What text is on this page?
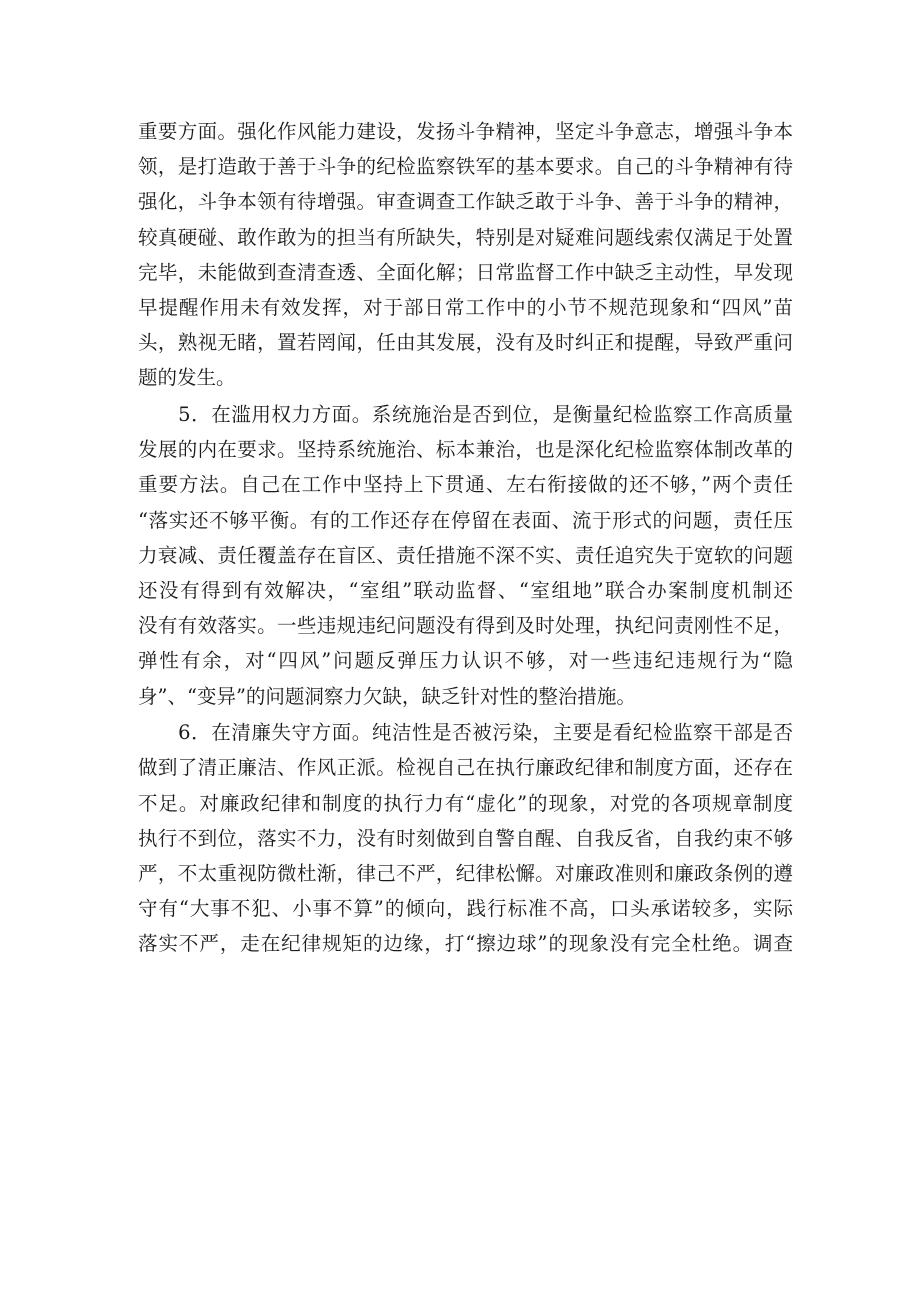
重要方面。强化作风能力建设，发扬斗争精神，坚定斗争意志，增强斗争本
领，是打造敢于善于斗争的纪检监察铁军的基本要求。自己的斗争精神有待
强化，斗争本领有待增强。审查调查工作缺乏敢于斗争、善于斗争的精神，
较真硬碰、敢作敢为的担当有所缺失，特别是对疑难问题线索仅满足于处置
完毕，未能做到查清查透、全面化解；日常监督工作中缺乏主动性，早发现
早提醒作用未有效发挥，对于部日常工作中的小节不规范现象和“四风”苗
头，熟视无睹，置若罔闻，任由其发展，没有及时纠正和提醒，导致严重问
题的发生。
　　5．在滥用权力方面。系统施治是否到位，是衡量纪检监察工作高质量
发展的内在要求。坚持系统施治、标本兼治，也是深化纪检监察体制改革的
重要方法。自己在工作中坚持上下贯通、左右衔接做的还不够，”两个责任
“落实还不够平衡。有的工作还存在停留在表面、流于形式的问题，责任压
力衰减、责任覆盖存在盲区、责任措施不深不实、责任追究失于宽软的问题
还没有得到有效解决，“室组”联动监督、“室组地”联合办案制度机制还
没有有效落实。一些违规违纪问题没有得到及时处理，执纪问责刚性不足，
弹性有余，对“四风”问题反弹压力认识不够，对一些违纪违规行为“隐
身”、“变异”的问题洞察力欠缺，缺乏针对性的整治措施。
　　6．在清廉失守方面。纯洁性是否被污染，主要是看纪检监察干部是否
做到了清正廉洁、作风正派。检视自己在执行廉政纪律和制度方面，还存在
不足。对廉政纪律和制度的执行力有“虚化”的现象，对党的各项规章制度
执行不到位，落实不力，没有时刻做到自警自醒、自我反省，自我约束不够
严，不太重视防微杜渐，律己不严，纪律松懈。对廉政准则和廉政条例的遵
守有“大事不犯、小事不算”的倾向，践行标准不高，口头承诺较多，实际
落实不严，走在纪律规矩的边缘，打“擦边球”的现象没有完全杜绝。调查
